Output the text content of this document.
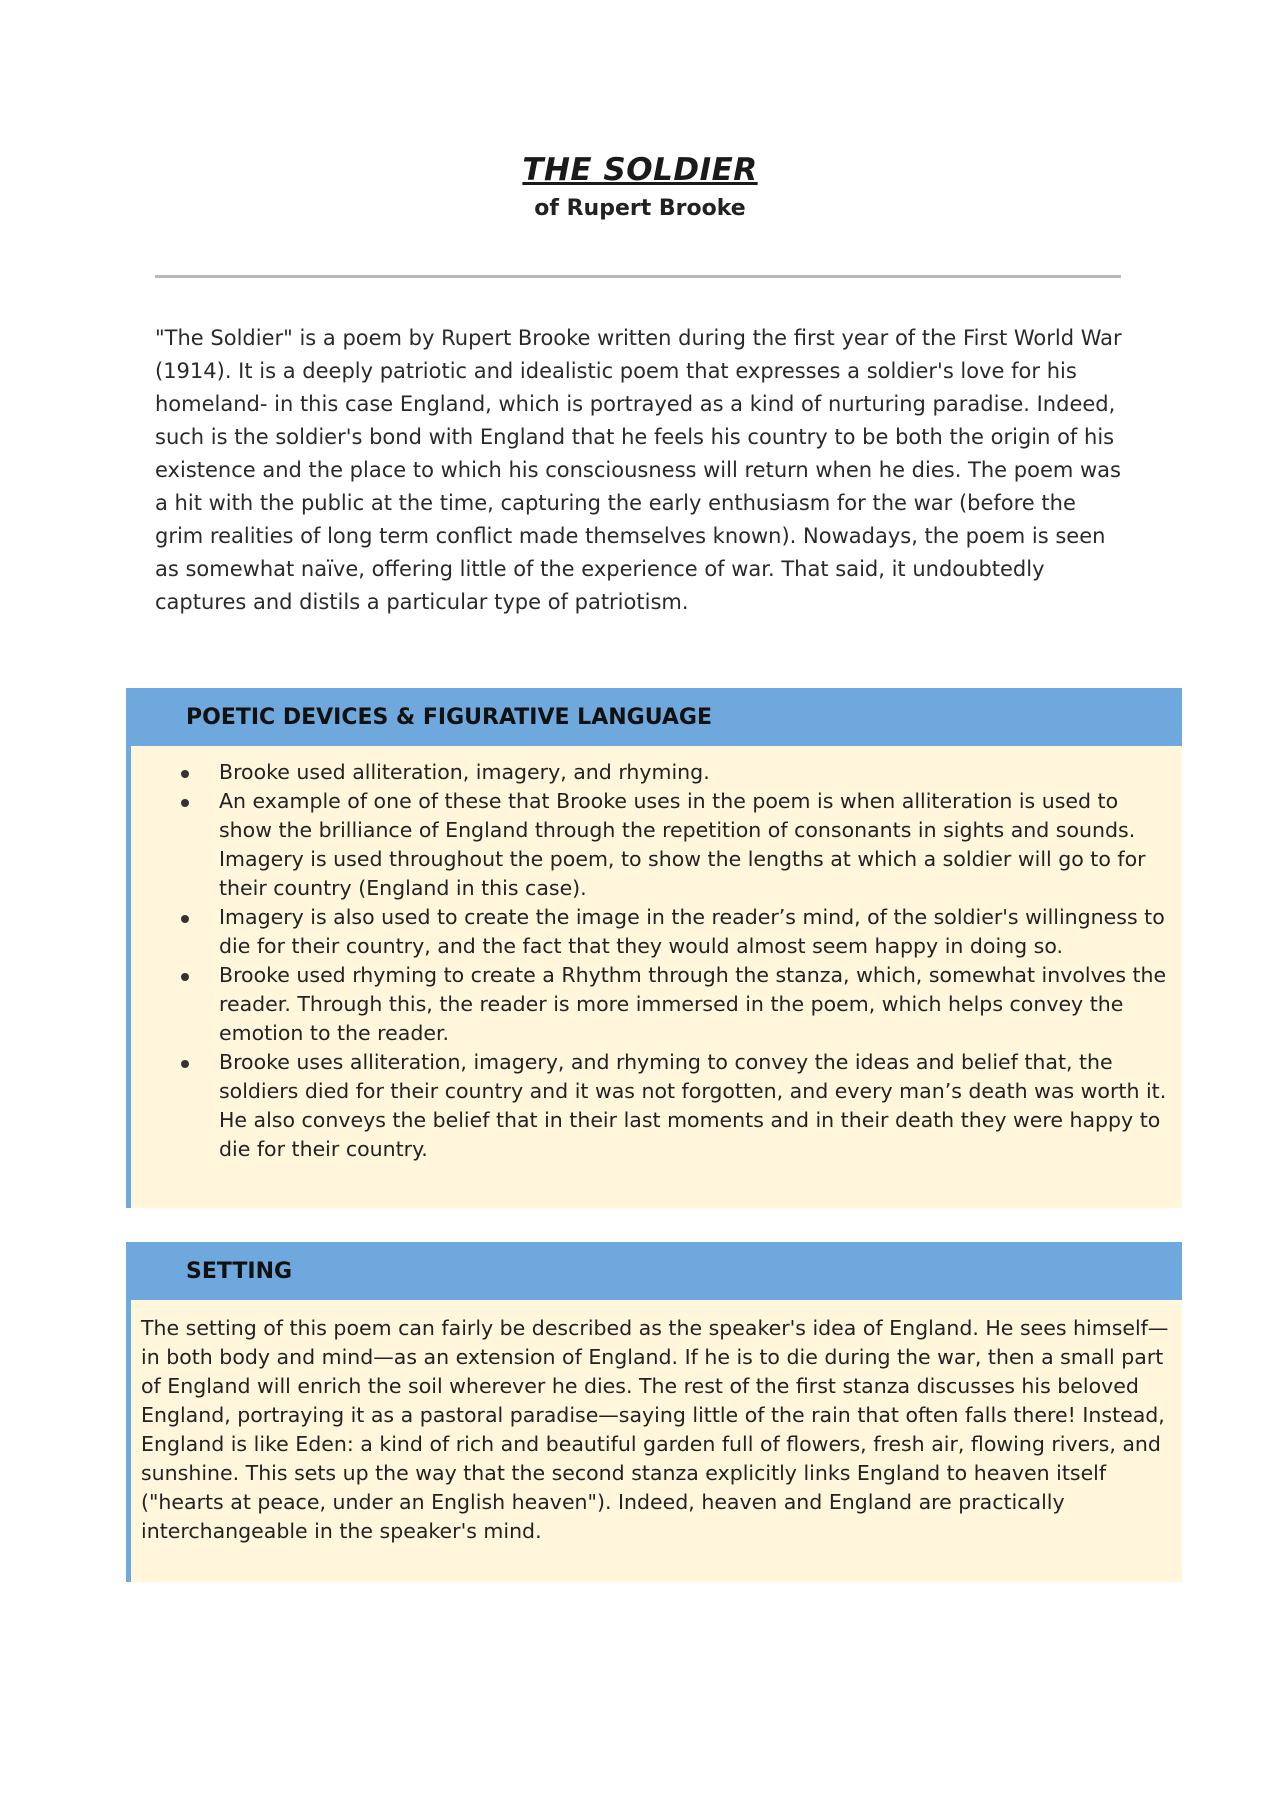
THE SOLDIER
of Rupert Brooke

"The Soldier" is a poem by Rupert Brooke written during the first year of the First World War (1914). It is a deeply patriotic and idealistic poem that expresses a soldier's love for his homeland- in this case England, which is portrayed as a kind of nurturing paradise. Indeed, such is the soldier's bond with England that he feels his country to be both the origin of his existence and the place to which his consciousness will return when he dies. The poem was a hit with the public at the time, capturing the early enthusiasm for the war (before the grim realities of long term conflict made themselves known). Nowadays, the poem is seen as somewhat naïve, offering little of the experience of war. That said, it undoubtedly captures and distils a particular type of patriotism.

POETIC DEVICES & FIGURATIVE LANGUAGE
Brooke used alliteration, imagery, and rhyming.
An example of one of these that Brooke uses in the poem is when alliteration is used to show the brilliance of England through the repetition of consonants in sights and sounds. Imagery is used throughout the poem, to show the lengths at which a soldier will go to for their country (England in this case).
Imagery is also used to create the image in the reader’s mind, of the soldier's willingness to die for their country, and the fact that they would almost seem happy in doing so.
Brooke used rhyming to create a Rhythm through the stanza, which, somewhat involves the reader. Through this, the reader is more immersed in the poem, which helps convey the emotion to the reader.
Brooke uses alliteration, imagery, and rhyming to convey the ideas and belief that, the soldiers died for their country and it was not forgotten, and every man’s death was worth it. He also conveys the belief that in their last moments and in their death they were happy to die for their country.
SETTING

The setting of this poem can fairly be described as the speaker's idea of England. He sees himself—in both body and mind—as an extension of England. If he is to die during the war, then a small part of England will enrich the soil wherever he dies. The rest of the first stanza discusses his beloved England, portraying it as a pastoral paradise—saying little of the rain that often falls there! Instead, England is like Eden: a kind of rich and beautiful garden full of flowers, fresh air, flowing rivers, and sunshine. This sets up the way that the second stanza explicitly links England to heaven itself ("hearts at peace, under an English heaven"). Indeed, heaven and England are practically interchangeable in the speaker's mind.
